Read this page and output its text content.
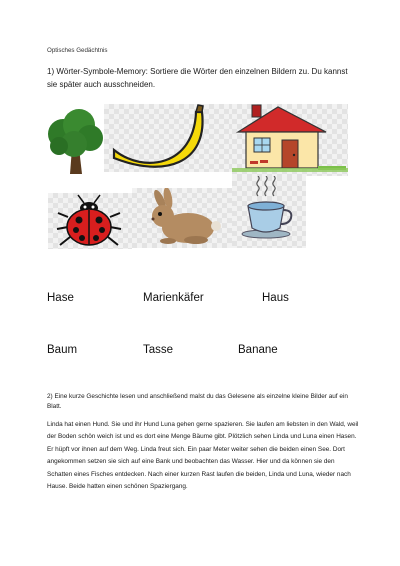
Optisches Gedächtnis
1) Wörter-Symbole-Memory: Sortiere die Wörter den einzelnen Bildern zu. Du kannst sie später auch ausschneiden.
Hase	Marienkäfer	Haus
Baum	Tasse	Banane
2) Eine kurze Geschichte lesen und anschließend malst du das Gelesene als einzelne kleine Bilder auf ein Blatt.
Linda hat einen Hund. Sie und ihr Hund Luna gehen gerne spazieren. Sie laufen am liebsten in den Wald, weil der Boden schön weich ist und es dort eine Menge Bäume gibt. Plötzlich sehen Linda und Luna einen Hasen. Er hüpft vor ihnen auf dem Weg. Linda freut sich. Ein paar Meter weiter sehen die beiden einen See. Dort angekommen setzen sie sich auf eine Bank und beobachten das Wasser. Hier und da können sie den Schatten eines Fisches entdecken. Nach einer kurzen Rast laufen die beiden, Linda und Luna, wieder nach Hause. Beide hatten einen schönen Spaziergang.
